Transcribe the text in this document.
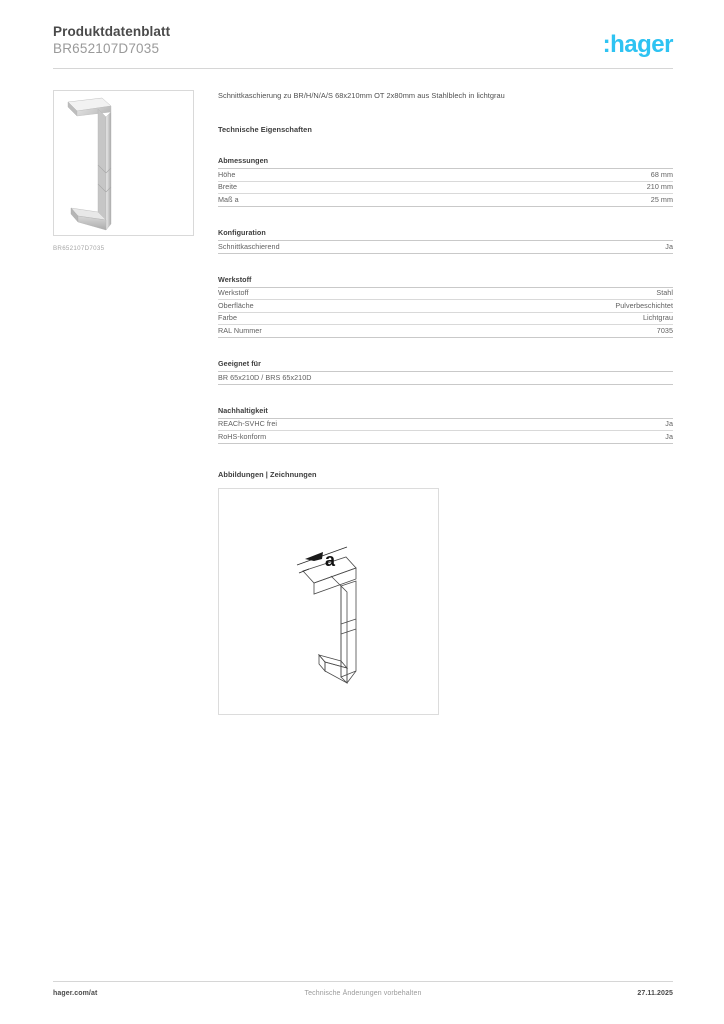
Produktdatenblatt
BR652107D7035	:hager
BR652107D7035
Schnittkaschierung zu BR/H/N/A/S 68x210mm OT 2x80mm aus Stahlblech in lichtgrau
Technische Eigenschaften
Abmessungen
Höhe	68 mm
Breite	210 mm
Maß a	25 mm
Konfiguration
Schnittkaschierend	Ja
Werkstoff
Werkstoff	Stahl
Oberfläche	Pulverbeschichtet
Farbe	Lichtgrau
RAL Nummer	7035
Geeignet für
BR 65x210D / BRS 65x210D
Nachhaltigkeit
REACh-SVHC frei	Ja
RoHS-konform	Ja
Abbildungen | Zeichnungen
a
hager.com/at	Technische Änderungen vorbehalten	27.11.2025
